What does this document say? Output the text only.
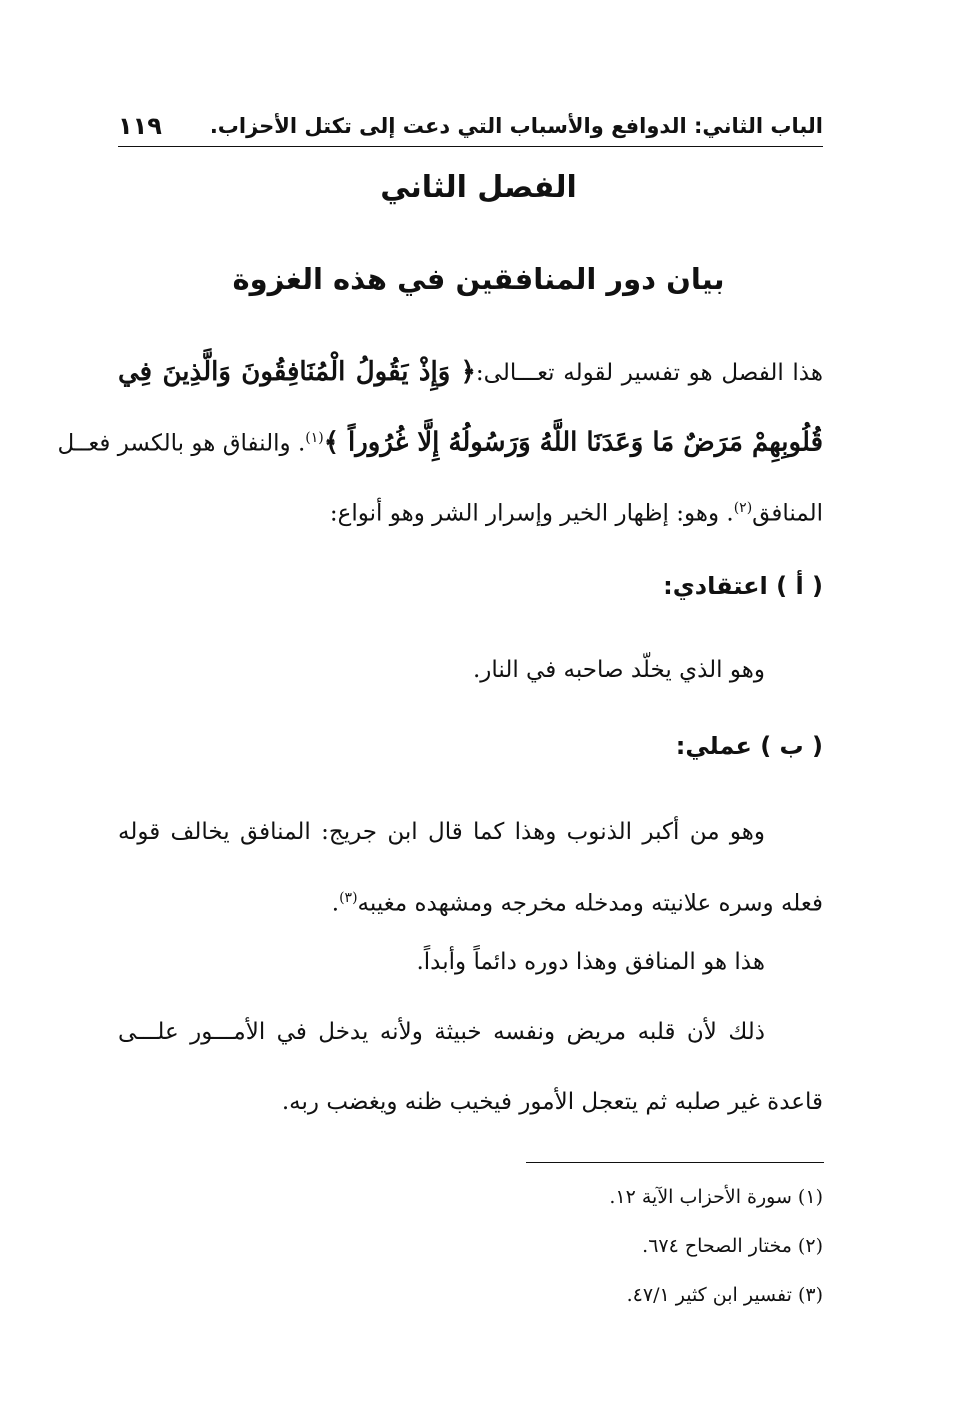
الباب الثاني: الدوافع والأسباب التي دعت إلى تكتل الأحزاب.
١١٩
الفصل الثاني
بيان دور المنافقين في هذه الغزوة
هذا الفصل هو تفسير لقوله تعـــالى:﴿ وَإِذْ يَقُولُ الْمُنَافِقُونَ وَالَّذِينَ فِي
قُلُوبِهِمْ مَرَضٌ مَا وَعَدَنَا اللَّهُ وَرَسُولُهُ إِلَّا غُرُوراً ﴾$^{(١)}$. والنفاق هو بالكسر فعــل
المنافق$^{(٢)}$. وهو: إظهار الخير وإسرار الشر وهو أنواع:
( أ ) اعتقادي:
وهو الذي يخلّد صاحبه في النار.
( ب ) عملي:
وهو من أكبر الذنوب وهذا كما قال ابن جريج: المنافق يخالف قوله
فعله وسره علانيته ومدخله مخرجه ومشهده مغيبه$^{(٣)}$.
هذا هو المنافق وهذا دوره دائماً وأبداً.
ذلك لأن قلبه مريض ونفسه خبيثة ولأنه يدخل في الأمـــور علـــى
قاعدة غير صلبه ثم يتعجل الأمور فيخيب ظنه ويغضب ربه.
(١) سورة الأحزاب الآية ١٢.
(٢) مختار الصحاح ٦٧٤.
(٣) تفسير ابن كثير ٤٧/١.
